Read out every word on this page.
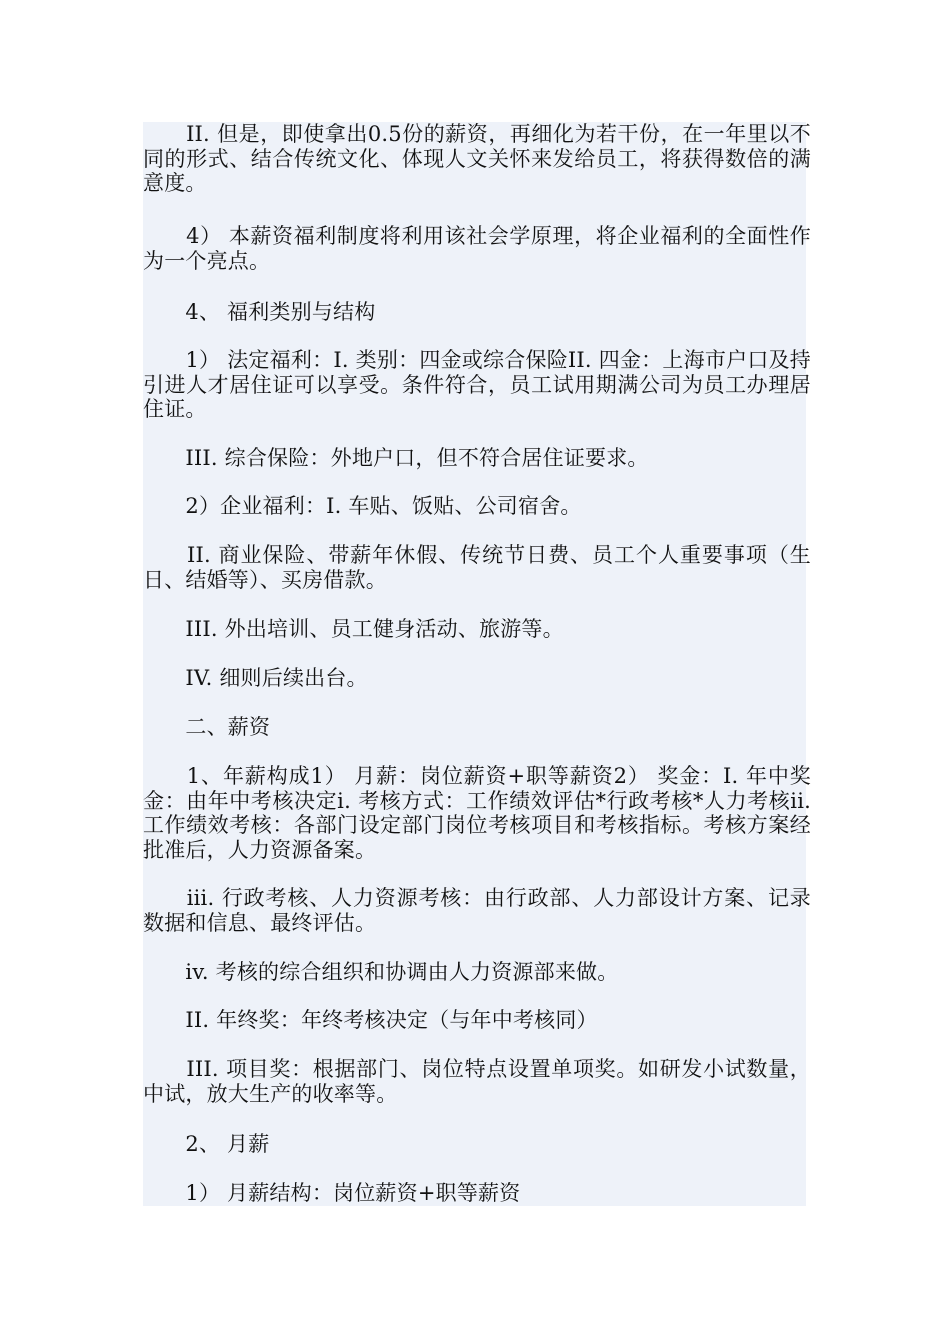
　　II. 但是，即使拿出0.5份的薪资，再细化为若干份，在一年里以不同的形式、结合传统文化、体现人文关怀来发给员工，将获得数倍的满意度。

　　4） 本薪资福利制度将利用该社会学原理，将企业福利的全面性作为一个亮点。

　　4、 福利类别与结构

　　1） 法定福利：I. 类别：四金或综合保险II. 四金：上海市户口及持引进人才居住证可以享受。条件符合，员工试用期满公司为员工办理居住证。

　　III. 综合保险：外地户口，但不符合居住证要求。

　　2）企业福利：I. 车贴、饭贴、公司宿舍。

　　II. 商业保险、带薪年休假、传统节日费、员工个人重要事项（生日、结婚等）、买房借款。

　　III. 外出培训、员工健身活动、旅游等。

　　IV. 细则后续出台。

　　二、薪资

　　1、年薪构成1） 月薪：岗位薪资+职等薪资2） 奖金：I. 年中奖金：由年中考核决定i. 考核方式：工作绩效评估*行政考核*人力考核ii. 工作绩效考核：各部门设定部门岗位考核项目和考核指标。考核方案经批准后，人力资源备案。

　　iii. 行政考核、人力资源考核：由行政部、人力部设计方案、记录数据和信息、最终评估。

　　iv. 考核的综合组织和协调由人力资源部来做。

　　II. 年终奖：年终考核决定（与年中考核同）

　　III. 项目奖：根据部门、岗位特点设置单项奖。如研发小试数量，中试，放大生产的收率等。

　　2、 月薪

　　1） 月薪结构：岗位薪资+职等薪资
